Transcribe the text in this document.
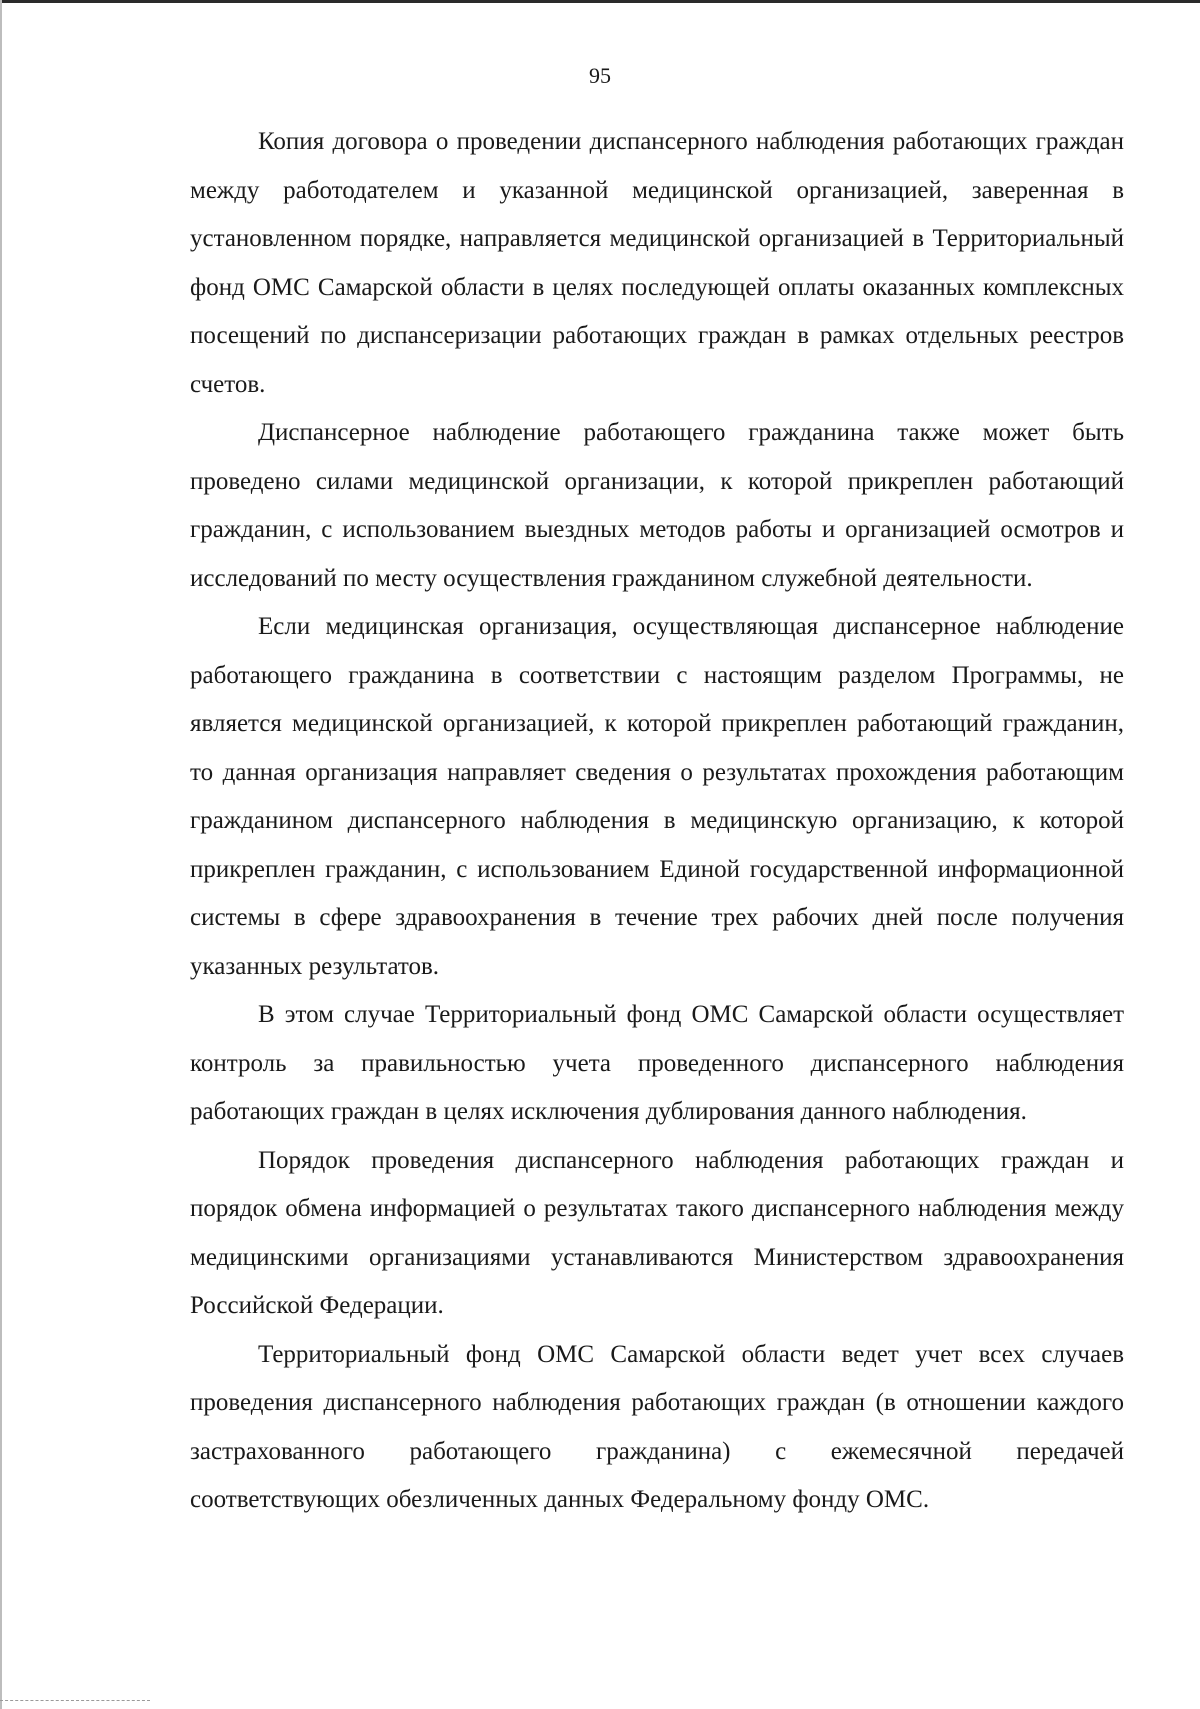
95

Копия договора о проведении диспансерного наблюдения работающих граждан между работодателем и указанной медицинской организацией, заверенная в установленном порядке, направляется медицинской организацией в Территориальный фонд ОМС Самарской области в целях последующей оплаты оказанных комплексных посещений по диспансеризации работающих граждан в рамках отдельных реестров счетов.

Диспансерное наблюдение работающего гражданина также может быть проведено силами медицинской организации, к которой прикреплен работающий гражданин, с использованием выездных методов работы и организацией осмотров и исследований по месту осуществления гражданином служебной деятельности.

Если медицинская организация, осуществляющая диспансерное наблюдение работающего гражданина в соответствии с настоящим разделом Программы, не является медицинской организацией, к которой прикреплен работающий гражданин, то данная организация направляет сведения о результатах прохождения работающим гражданином диспансерного наблюдения в медицинскую организацию, к которой прикреплен гражданин, с использованием Единой государственной информационной системы в сфере здравоохранения в течение трех рабочих дней после получения указанных результатов.

В этом случае Территориальный фонд ОМС Самарской области осуществляет контроль за правильностью учета проведенного диспансерного наблюдения работающих граждан в целях исключения дублирования данного наблюдения.

Порядок проведения диспансерного наблюдения работающих граждан и порядок обмена информацией о результатах такого диспансерного наблюдения между медицинскими организациями устанавливаются Министерством здравоохранения Российской Федерации.

Территориальный фонд ОМС Самарской области ведет учет всех случаев проведения диспансерного наблюдения работающих граждан (в отношении каждого застрахованного работающего гражданина) с ежемесячной передачей соответствующих обезличенных данных Федеральному фонду ОМС.
